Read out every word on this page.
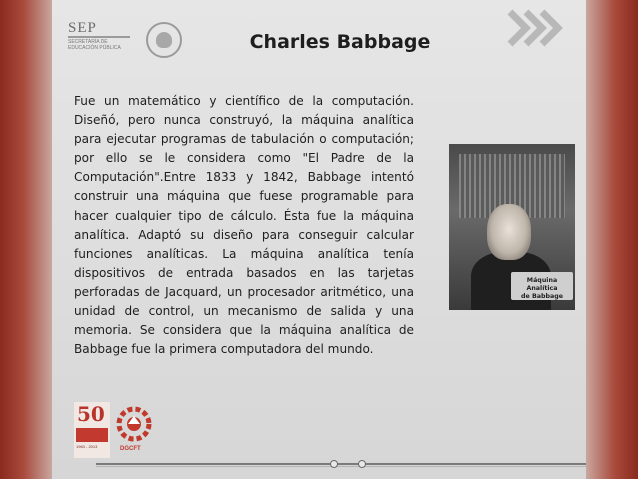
SEP
SECRETARÍA DE EDUCACIÓN PÚBLICA	Charles Babbage
Fue un matemático y científico de la computación. Diseñó, pero nunca construyó, la máquina analítica para ejecutar programas de tabulación o computación; por ello se le considera como "El Padre de la Computación".Entre 1833 y 1842, Babbage intentó construir una máquina que fuese programable para hacer cualquier tipo de cálculo. Ésta fue la máquina analítica. Adaptó su diseño para conseguir calcular funciones analíticas. La máquina analítica tenía dispositivos de entrada basados en las tarjetas perforadas de Jacquard, un procesador aritmético, una unidad de control, un mecanismo de salida y una memoria. Se considera que la máquina analítica de Babbage fue la primera computadora del mundo.
Máquina Analítica
de Babbage
50
1963 - 2013	DGCFT
